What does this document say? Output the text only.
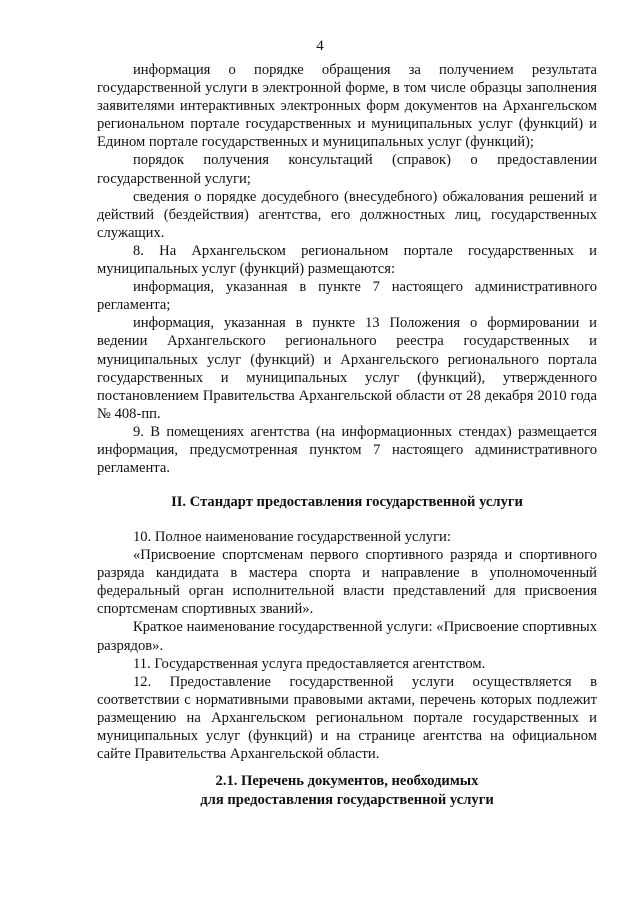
4

информация о порядке обращения за получением результата государственной услуги в электронной форме, в том числе образцы заполнения заявителями интерактивных электронных форм документов на Архангельском региональном портале государственных и муниципальных услуг (функций) и Едином портале государственных и муниципальных услуг (функций);

порядок получения консультаций (справок) о предоставлении государственной услуги;

сведения о порядке досудебного (внесудебного) обжалования решений и действий (бездействия) агентства, его должностных лиц, государственных служащих.

8. На Архангельском региональном портале государственных и муниципальных услуг (функций) размещаются:

информация, указанная в пункте 7 настоящего административного регламента;

информация, указанная в пункте 13 Положения о формировании и ведении Архангельского регионального реестра государственных и муниципальных услуг (функций) и Архангельского регионального портала государственных и муниципальных услуг (функций), утвержденного постановлением Правительства Архангельской области от 28 декабря 2010 года № 408-пп.

9. В помещениях агентства (на информационных стендах) размещается информация, предусмотренная пунктом 7 настоящего административного регламента.

II. Стандарт предоставления государственной услуги

10. Полное наименование государственной услуги:

«Присвоение спортсменам первого спортивного разряда и спортивного разряда кандидата в мастера спорта и направление в уполномоченный федеральный орган исполнительной власти представлений для присвоения спортсменам спортивных званий».

Краткое наименование государственной услуги: «Присвоение спортивных разрядов».

11. Государственная услуга предоставляется агентством.

12. Предоставление государственной услуги осуществляется в соответствии с нормативными правовыми актами, перечень которых подлежит размещению на Архангельском региональном портале государственных и муниципальных услуг (функций) и на странице агентства на официальном сайте Правительства Архангельской области.

2.1. Перечень документов, необходимых
для предоставления государственной услуги
